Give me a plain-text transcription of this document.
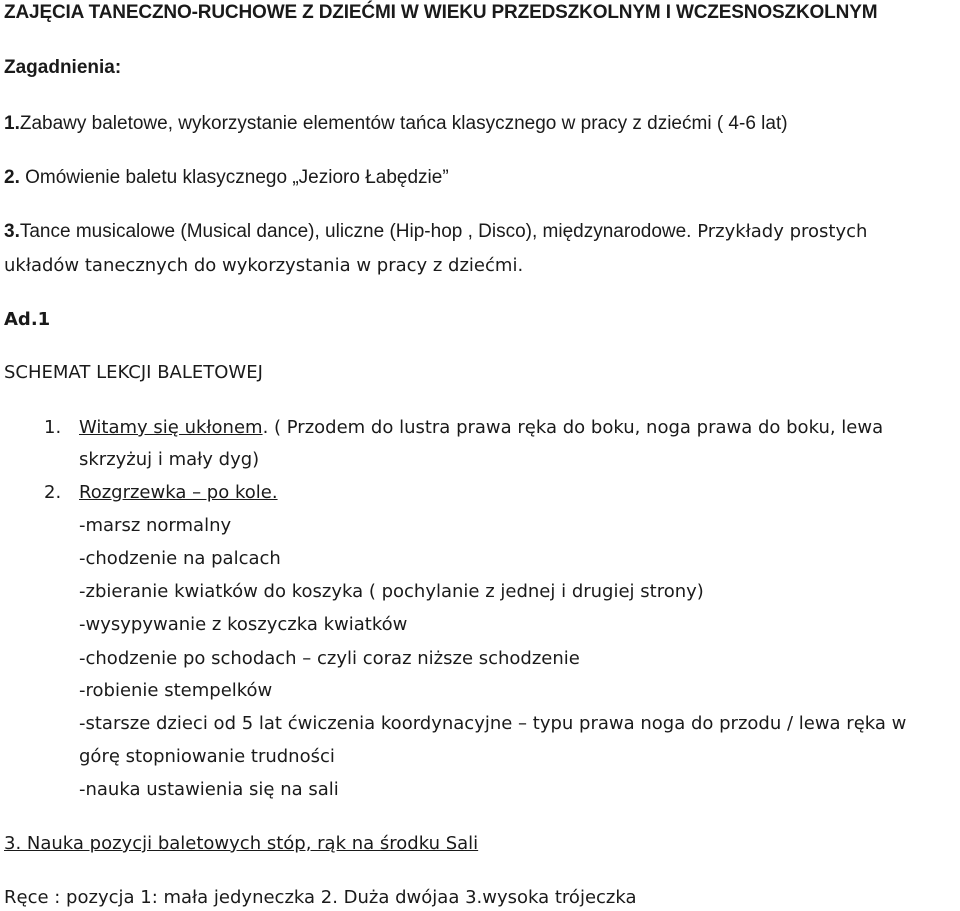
ZAJĘCIA TANECZNO-RUCHOWE Z DZIEĆMI W WIEKU PRZEDSZKOLNYM I WCZESNOSZKOLNYM
Zagadnienia:
1.Zabawy baletowe, wykorzystanie elementów tańca klasycznego w pracy z dziećmi ( 4-6 lat)
2. Omówienie baletu klasycznego „Jezioro Łabędzie”
3.Tance musicalowe (Musical dance), uliczne (Hip-hop , Disco), międzynarodowe. Przykłady prostych
układów tanecznych do wykorzystania w pracy z dziećmi.
Ad.1
SCHEMAT LEKCJI BALETOWEJ
1. Witamy się ukłonem. ( Przodem do lustra prawa ręka do boku, noga prawa do boku, lewa
skrzyżuj i mały dyg)
2. Rozgrzewka – po kole.
-marsz normalny
-chodzenie na palcach
-zbieranie kwiatków do koszyka ( pochylanie z jednej i drugiej strony)
-wysypywanie z koszyczka kwiatków
-chodzenie po schodach – czyli coraz niższe schodzenie
-robienie stempelków
-starsze dzieci od 5 lat ćwiczenia koordynacyjne – typu prawa noga do przodu / lewa ręka w
górę stopniowanie trudności
-nauka ustawienia się na sali
3. Nauka pozycji baletowych stóp, rąk na środku Sali
Ręce : pozycja 1: mała jedyneczka 2. Duża dwójaa 3.wysoka trójeczka
